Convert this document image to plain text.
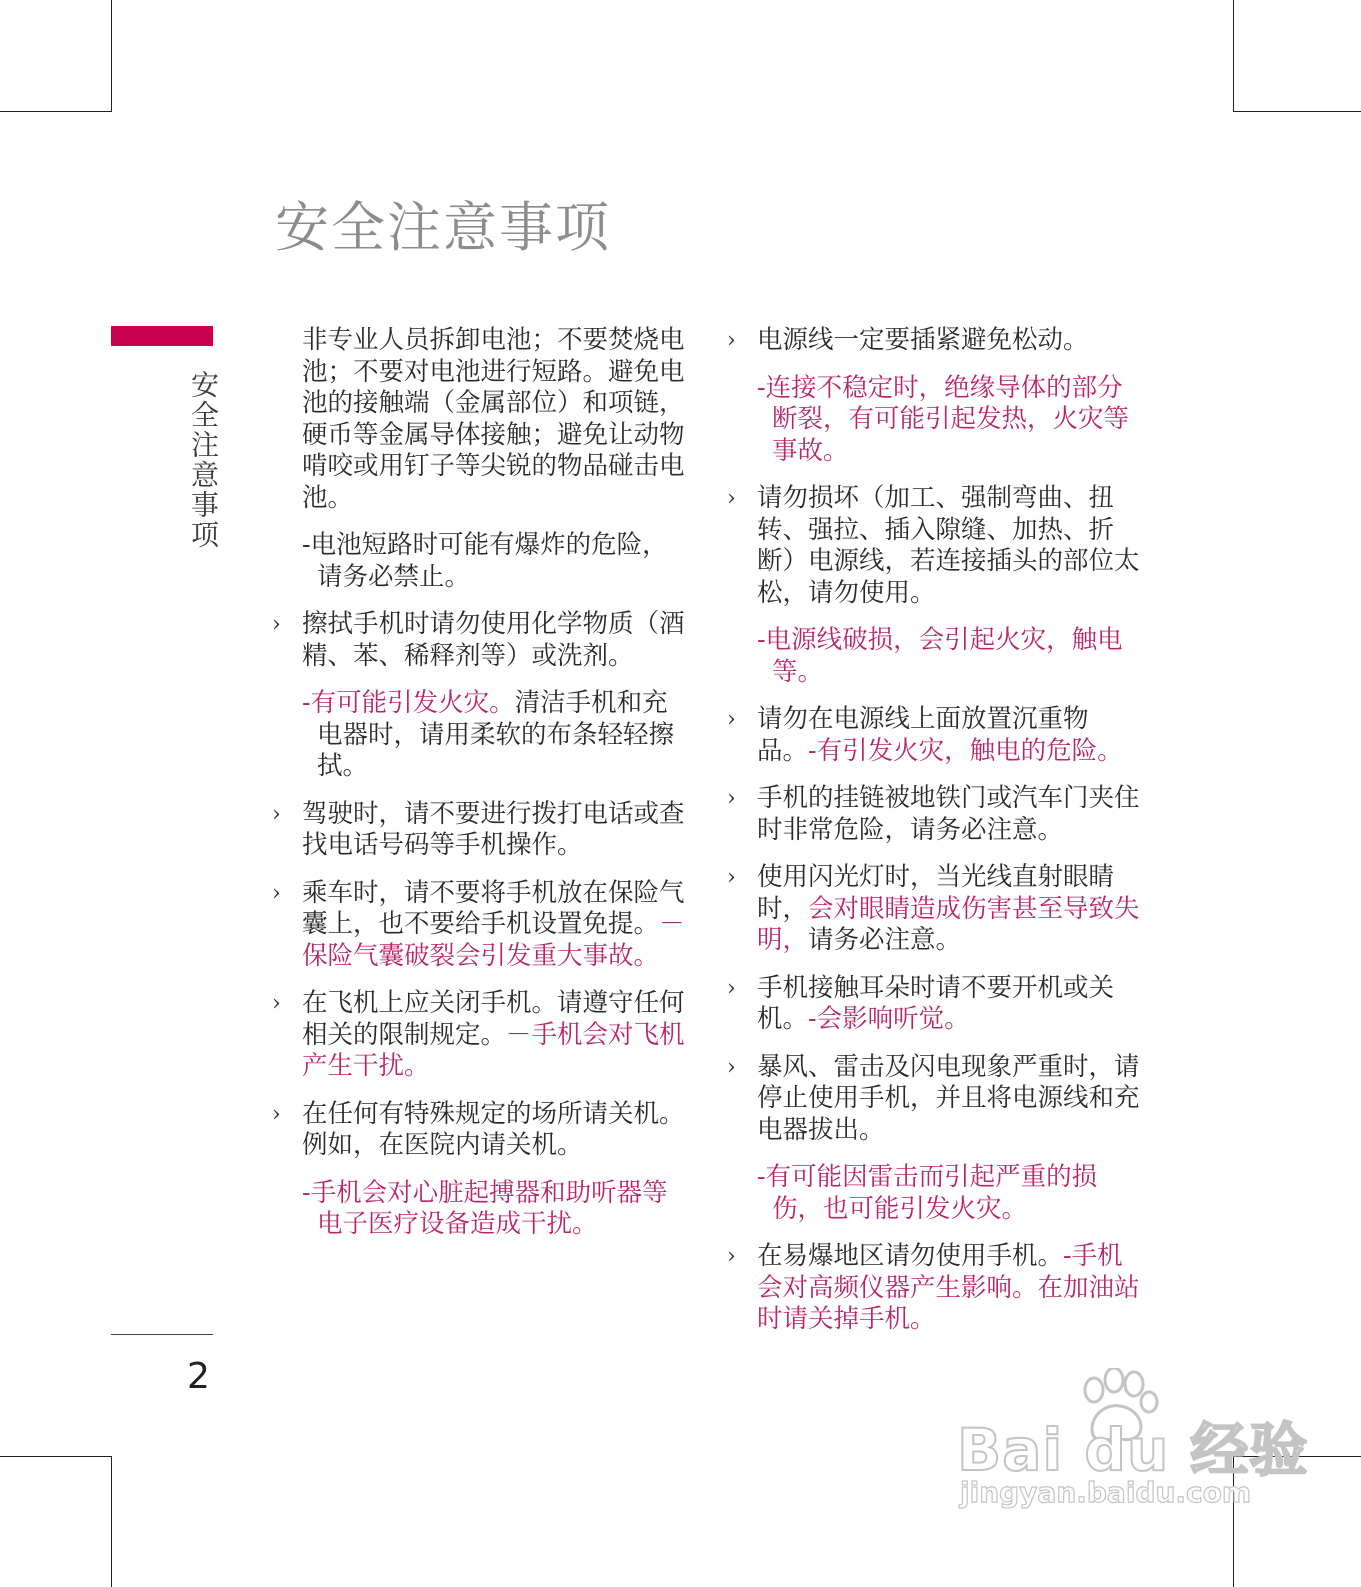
安全注意事项
安全注意事项
2
非专业人员拆卸电池；不要焚烧电池；不要对电池进行短路。避免电池的接触端（金属部位）和项链，硬币等金属导体接触；避免让动物啃咬或用钉子等尖锐的物品碰击电池。
-电池短路时可能有爆炸的危险，请务必禁止。
› 擦拭手机时请勿使用化学物质（酒精、苯、稀释剂等）或洗剂。
-有可能引发火灾。清洁手机和充电器时，请用柔软的布条轻轻擦拭。
› 驾驶时，请不要进行拨打电话或查找电话号码等手机操作。
› 乘车时，请不要将手机放在保险气囊上，也不要给手机设置免提。－保险气囊破裂会引发重大事故。
› 在飞机上应关闭手机。请遵守任何相关的限制规定。－手机会对飞机产生干扰。
› 在任何有特殊规定的场所请关机。例如，在医院内请关机。
-手机会对心脏起搏器和助听器等电子医疗设备造成干扰。
› 电源线一定要插紧避免松动。
-连接不稳定时，绝缘导体的部分断裂，有可能引起发热，火灾等事故。
› 请勿损坏（加工、强制弯曲、扭转、强拉、插入隙缝、加热、折断）电源线，若连接插头的部位太松，请勿使用。
-电源线破损，会引起火灾，触电等。
› 请勿在电源线上面放置沉重物品。-有引发火灾，触电的危险。
› 手机的挂链被地铁门或汽车门夹住时非常危险，请务必注意。
› 使用闪光灯时，当光线直射眼睛时，会对眼睛造成伤害甚至导致失明，请务必注意。
› 手机接触耳朵时请不要开机或关机。-会影响听觉。
› 暴风、雷击及闪电现象严重时，请停止使用手机，并且将电源线和充电器拔出。
-有可能因雷击而引起严重的损伤，也可能引发火灾。
› 在易爆地区请勿使用手机。-手机会对高频仪器产生影响。在加油站时请关掉手机。
Bai du 经验
jingyan.baidu.com
